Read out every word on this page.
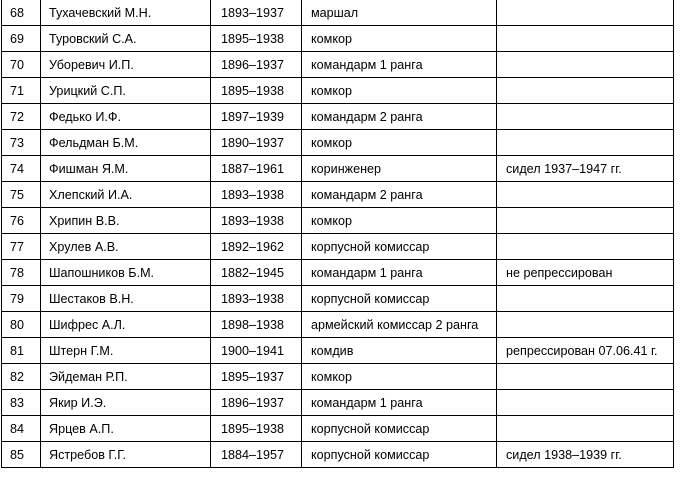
68	Тухачевский М.Н.	1893–1937	маршал	
69	Туровский С.А.	1895–1938	комкор	
70	Уборевич И.П.	1896–1937	командарм 1 ранга	
71	Урицкий С.П.	1895–1938	комкор	
72	Федько И.Ф.	1897–1939	командарм 2 ранга	
73	Фельдман Б.М.	1890–1937	комкор	
74	Фишман Я.М.	1887–1961	коринженер	сидел 1937–1947 гг.
75	Хлепский И.А.	1893–1938	командарм 2 ранга	
76	Хрипин В.В.	1893–1938	комкор	
77	Хрулев А.В.	1892–1962	корпусной комиссар	
78	Шапошников Б.М.	1882–1945	командарм 1 ранга	не репрессирован
79	Шестаков В.Н.	1893–1938	корпусной комиссар	
80	Шифрес А.Л.	1898–1938	армейский комиссар 2 ранга	
81	Штерн Г.М.	1900–1941	комдив	репрессирован 07.06.41 г.
82	Эйдеман Р.П.	1895–1937	комкор	
83	Якир И.Э.	1896–1937	командарм 1 ранга	
84	Ярцев А.П.	1895–1938	корпусной комиссар	
85	Ястребов Г.Г.	1884–1957	корпусной комиссар	сидел 1938–1939 гг.
